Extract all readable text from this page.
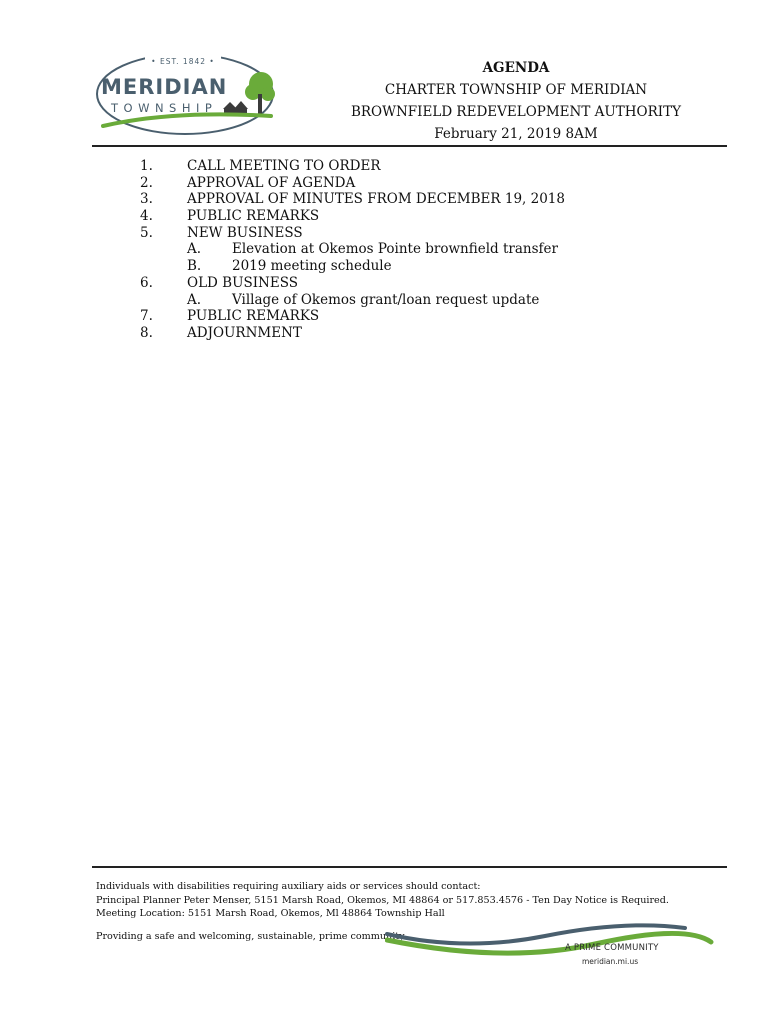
• EST. 1842 •
MERIDIAN
TOWNSHIP
AGENDA
CHARTER TOWNSHIP OF MERIDIAN
BROWNFIELD REDEVELOPMENT AUTHORITY
February 21, 2019 8AM
1.	CALL MEETING TO ORDER
2.	APPROVAL OF AGENDA
3.	APPROVAL OF MINUTES FROM DECEMBER 19, 2018
4.	PUBLIC REMARKS
5.	NEW BUSINESS
A. Elevation at Okemos Pointe brownfield transfer
B. 2019 meeting schedule
6.	OLD BUSINESS
A. Village of Okemos grant/loan request update
7.	PUBLIC REMARKS
8.	ADJOURNMENT
Individuals with disabilities requiring auxiliary aids or services should contact:
Principal Planner Peter Menser, 5151 Marsh Road, Okemos, MI 48864 or 517.853.4576 - Ten Day Notice is Required.
Meeting Location: 5151 Marsh Road, Okemos, Ml 48864 Township Hall
Providing a safe and welcoming, sustainable, prime community
A PRIME COMMUNITY
meridian.mi.us
